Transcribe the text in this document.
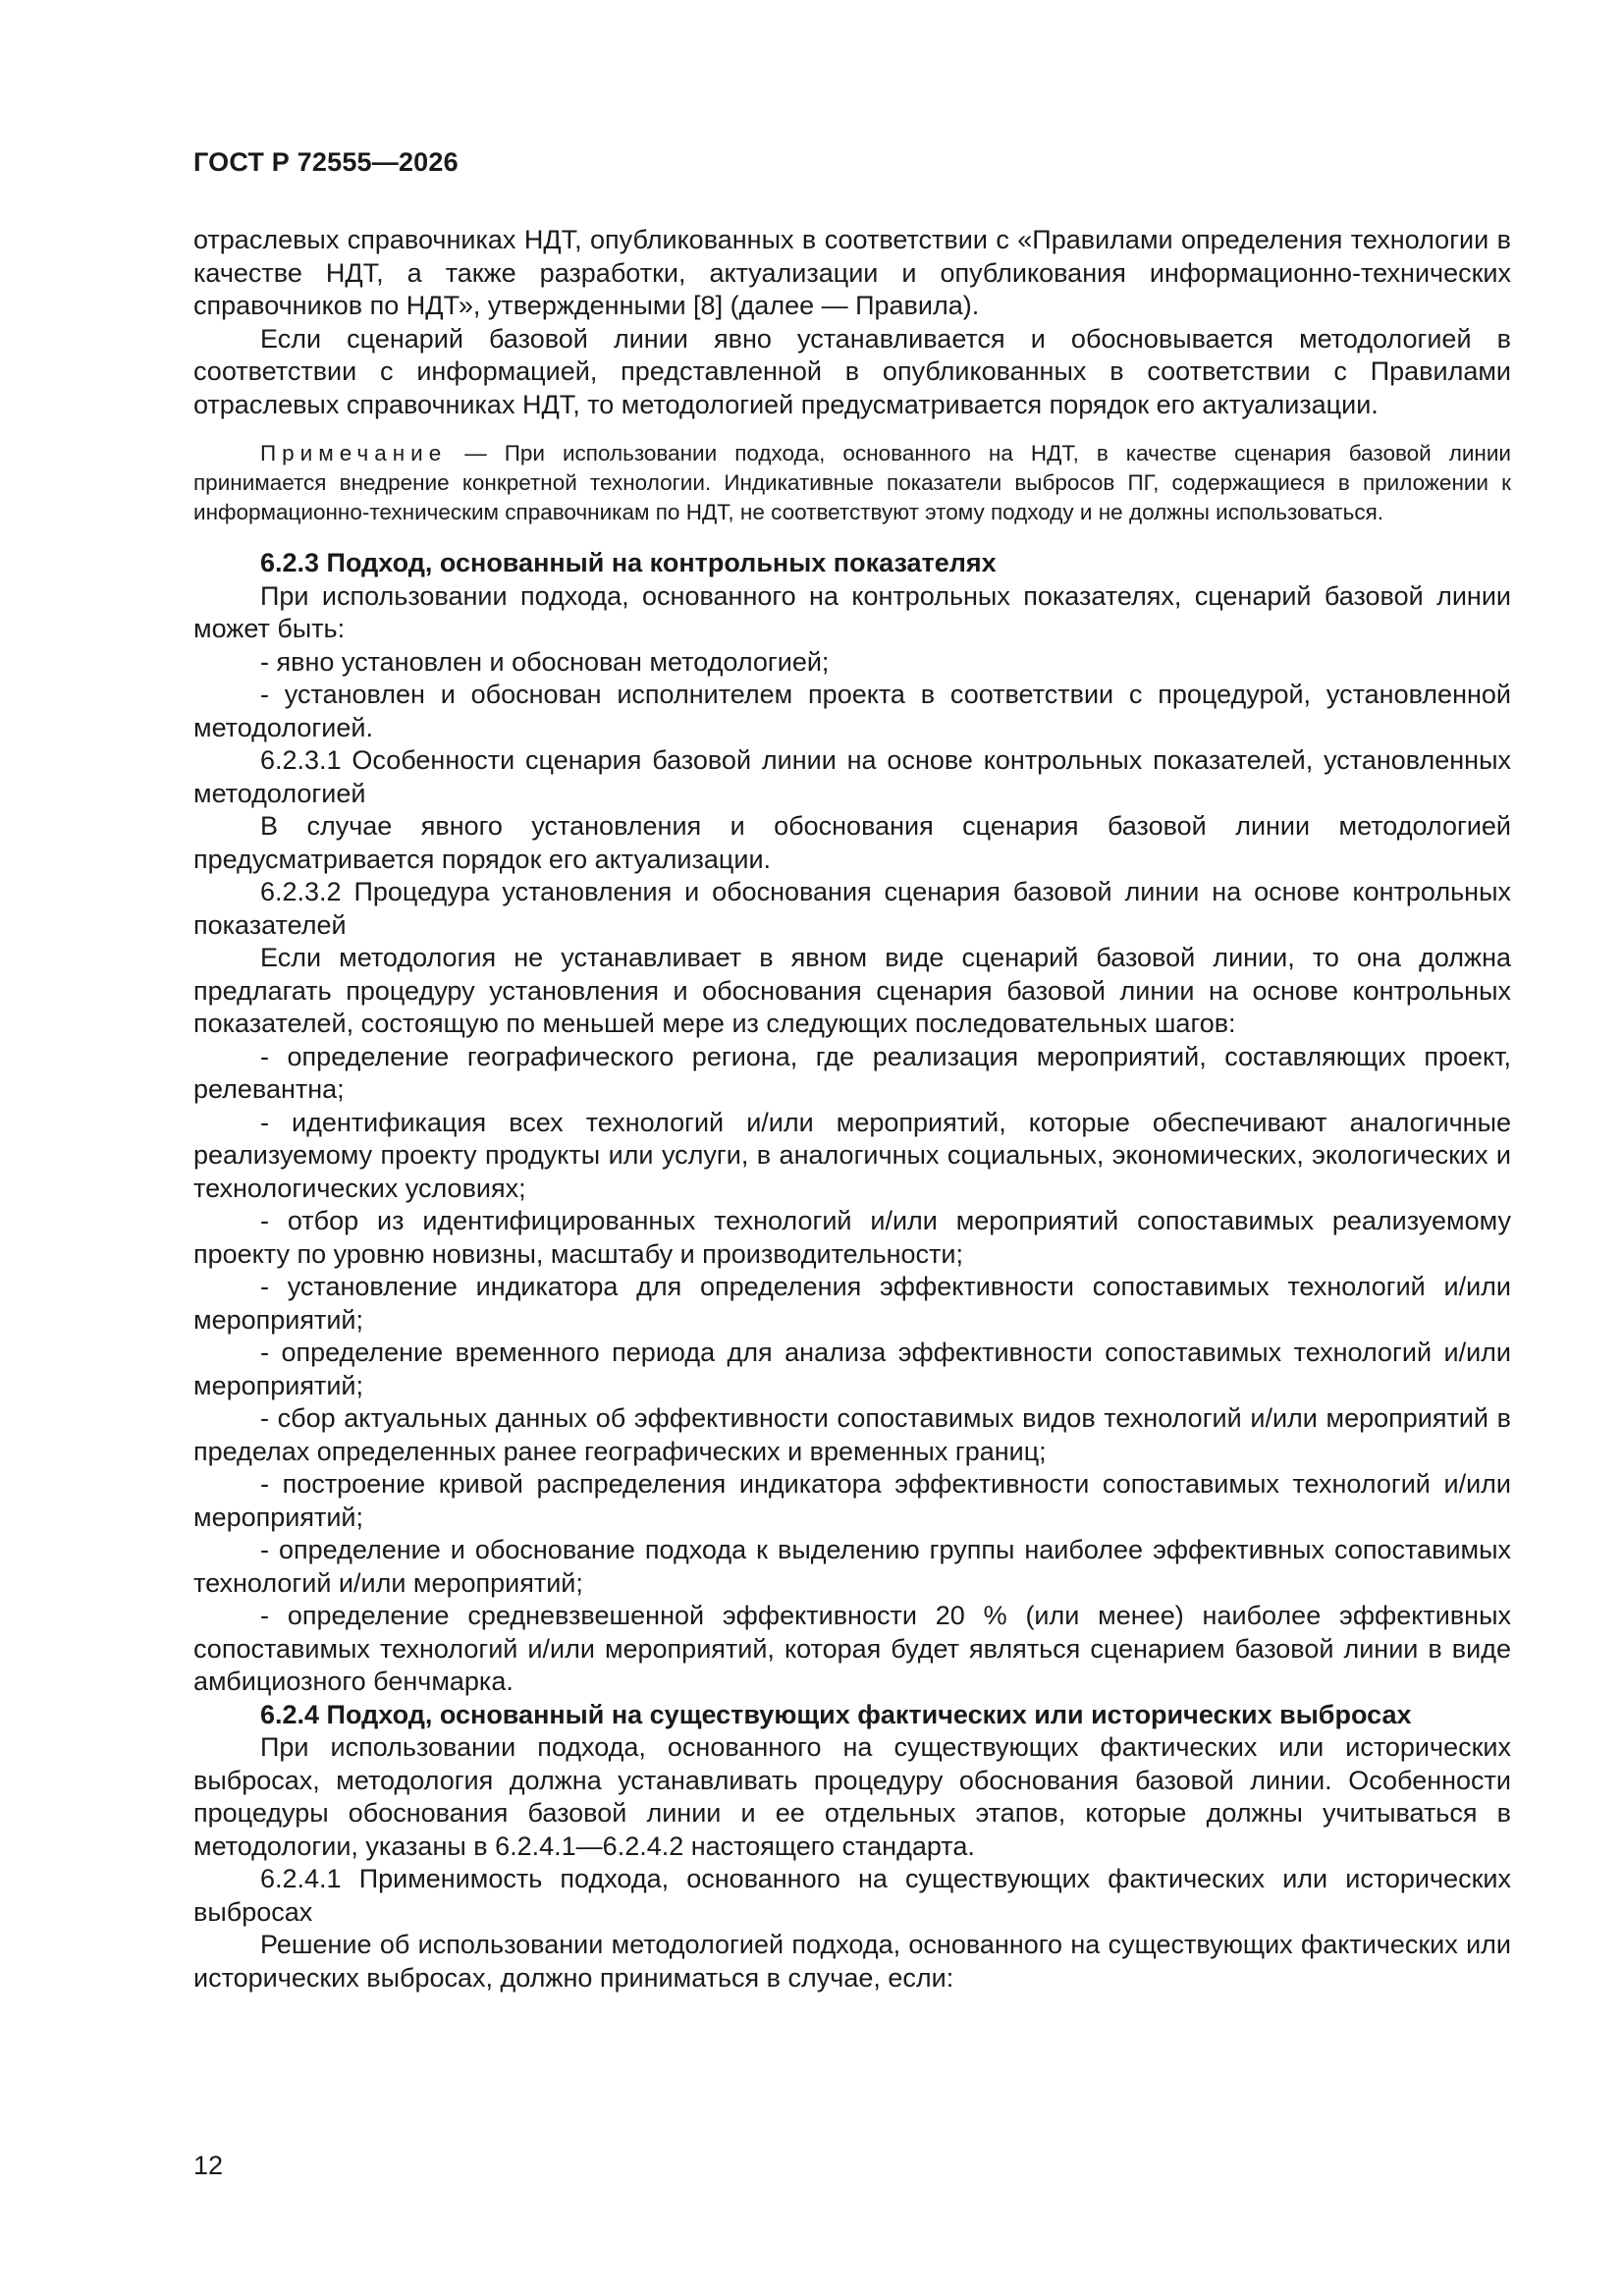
ГОСТ Р 72555—2026

отраслевых справочниках НДТ, опубликованных в соответствии с «Правилами определения технологии в качестве НДТ, а также разработки, актуализации и опубликования информационно-технических справочников по НДТ», утвержденными [8] (далее — Правила).

Если сценарий базовой линии явно устанавливается и обосновывается методологией в соответствии с информацией, представленной в опубликованных в соответствии с Правилами отраслевых справочниках НДТ, то методологией предусматривается порядок его актуализации.

Примечание — При использовании подхода, основанного на НДТ, в качестве сценария базовой линии принимается внедрение конкретной технологии. Индикативные показатели выбросов ПГ, содержащиеся в приложении к информационно-техническим справочникам по НДТ, не соответствуют этому подходу и не должны использоваться.

6.2.3 Подход, основанный на контрольных показателях

При использовании подхода, основанного на контрольных показателях, сценарий базовой линии может быть:

- явно установлен и обоснован методологией;

- установлен и обоснован исполнителем проекта в соответствии с процедурой, установленной методологией.

6.2.3.1 Особенности сценария базовой линии на основе контрольных показателей, установленных методологией

В случае явного установления и обоснования сценария базовой линии методологией предусматривается порядок его актуализации.

6.2.3.2 Процедура установления и обоснования сценария базовой линии на основе контрольных показателей

Если методология не устанавливает в явном виде сценарий базовой линии, то она должна предлагать процедуру установления и обоснования сценария базовой линии на основе контрольных показателей, состоящую по меньшей мере из следующих последовательных шагов:

- определение географического региона, где реализация мероприятий, составляющих проект, релевантна;

- идентификация всех технологий и/или мероприятий, которые обеспечивают аналогичные реализуемому проекту продукты или услуги, в аналогичных социальных, экономических, экологических и технологических условиях;

- отбор из идентифицированных технологий и/или мероприятий сопоставимых реализуемому проекту по уровню новизны, масштабу и производительности;

- установление индикатора для определения эффективности сопоставимых технологий и/или мероприятий;

- определение временного периода для анализа эффективности сопоставимых технологий и/или мероприятий;

- сбор актуальных данных об эффективности сопоставимых видов технологий и/или мероприятий в пределах определенных ранее географических и временных границ;

- построение кривой распределения индикатора эффективности сопоставимых технологий и/или мероприятий;

- определение и обоснование подхода к выделению группы наиболее эффективных сопоставимых технологий и/или мероприятий;

- определение средневзвешенной эффективности 20 % (или менее) наиболее эффективных сопоставимых технологий и/или мероприятий, которая будет являться сценарием базовой линии в виде амбициозного бенчмарка.

6.2.4 Подход, основанный на существующих фактических или исторических выбросах

При использовании подхода, основанного на существующих фактических или исторических выбросах, методология должна устанавливать процедуру обоснования базовой линии. Особенности процедуры обоснования базовой линии и ее отдельных этапов, которые должны учитываться в методологии, указаны в 6.2.4.1—6.2.4.2 настоящего стандарта.

6.2.4.1 Применимость подхода, основанного на существующих фактических или исторических выбросах

Решение об использовании методологией подхода, основанного на существующих фактических или исторических выбросах, должно приниматься в случае, если:

12
